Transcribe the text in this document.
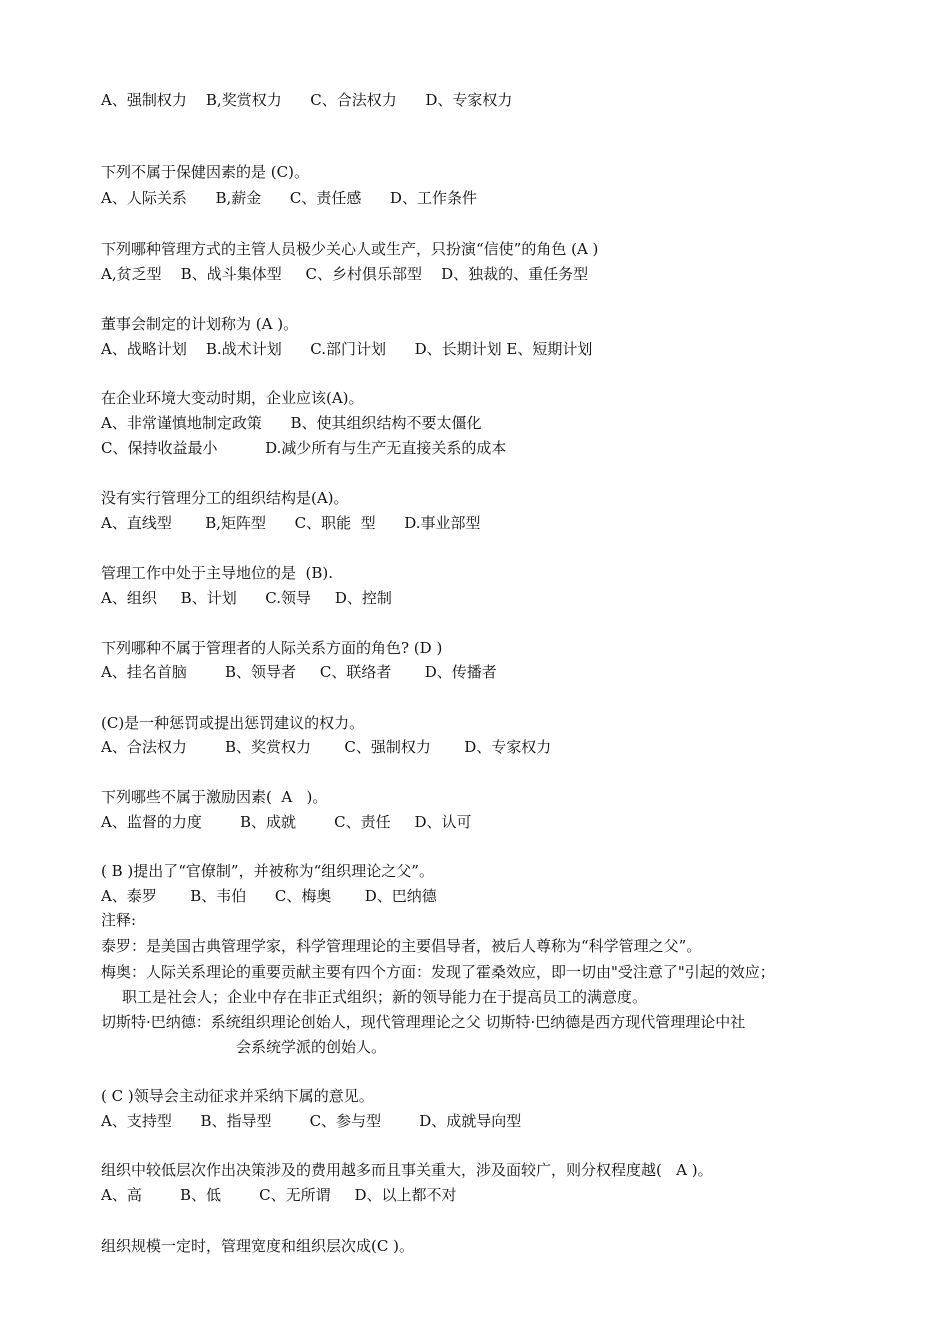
A、强制权力    B,奖赏权力      C、合法权力      D、专家权力
下列不属于保健因素的是 (C)。
A、人际关系      B,薪金      C、责任感      D、工作条件
下列哪种管理方式的主管人员极少关心人或生产，只扮演“信使”的角色 (A )
A,贫乏型    B、战斗集体型     C、乡村俱乐部型    D、独裁的、重任务型
董事会制定的计划称为 (A )。
A、战略计划    B.战术计划      C.部门计划      D、长期计划 E、短期计划
在企业环境大变动时期，企业应该(A)。
A、非常谨慎地制定政策      B、使其组织结构不要太僵化
C、保持收益最小          D.减少所有与生产无直接关系的成本
没有实行管理分工的组织结构是(A)。
A、直线型       B,矩阵型      C、职能  型      D.事业部型
管理工作中处于主导地位的是  (B).
A、组织     B、计划      C.领导     D、控制
下列哪种不属于管理者的人际关系方面的角色? (D )
A、挂名首脑        B、领导者     C、联络者       D、传播者
(C)是一种惩罚或提出惩罚建议的权力。
A、合法权力        B、奖赏权力       C、强制权力       D、专家权力
下列哪些不属于激励因素(  A   )。
A、监督的力度        B、成就        C、责任     D、认可
( B )提出了“官僚制”，并被称为“组织理论之父”。
A、泰罗       B、韦伯      C、梅奥       D、巴纳德
注释:
泰罗：是美国古典管理学家，科学管理理论的主要倡导者，被后人尊称为“科学管理之父”。
梅奥：人际关系理论的重要贡献主要有四个方面：发现了霍桑效应，即一切由"受注意了"引起的效应；
职工是社会人；企业中存在非正式组织；新的领导能力在于提高员工的满意度。
切斯特·巴纳德：系统组织理论创始人，现代管理理论之父 切斯特·巴纳德是西方现代管理理论中社
会系统学派的创始人。
( C )领导会主动征求并采纳下属的意见。
A、支持型      B、指导型        C、参与型        D、成就导向型
组织中较低层次作出决策涉及的费用越多而且事关重大，涉及面较广，则分权程度越(   A )。
A、高        B、低        C、无所谓     D、以上都不对
组织规模一定时，管理宽度和组织层次成(C )。
